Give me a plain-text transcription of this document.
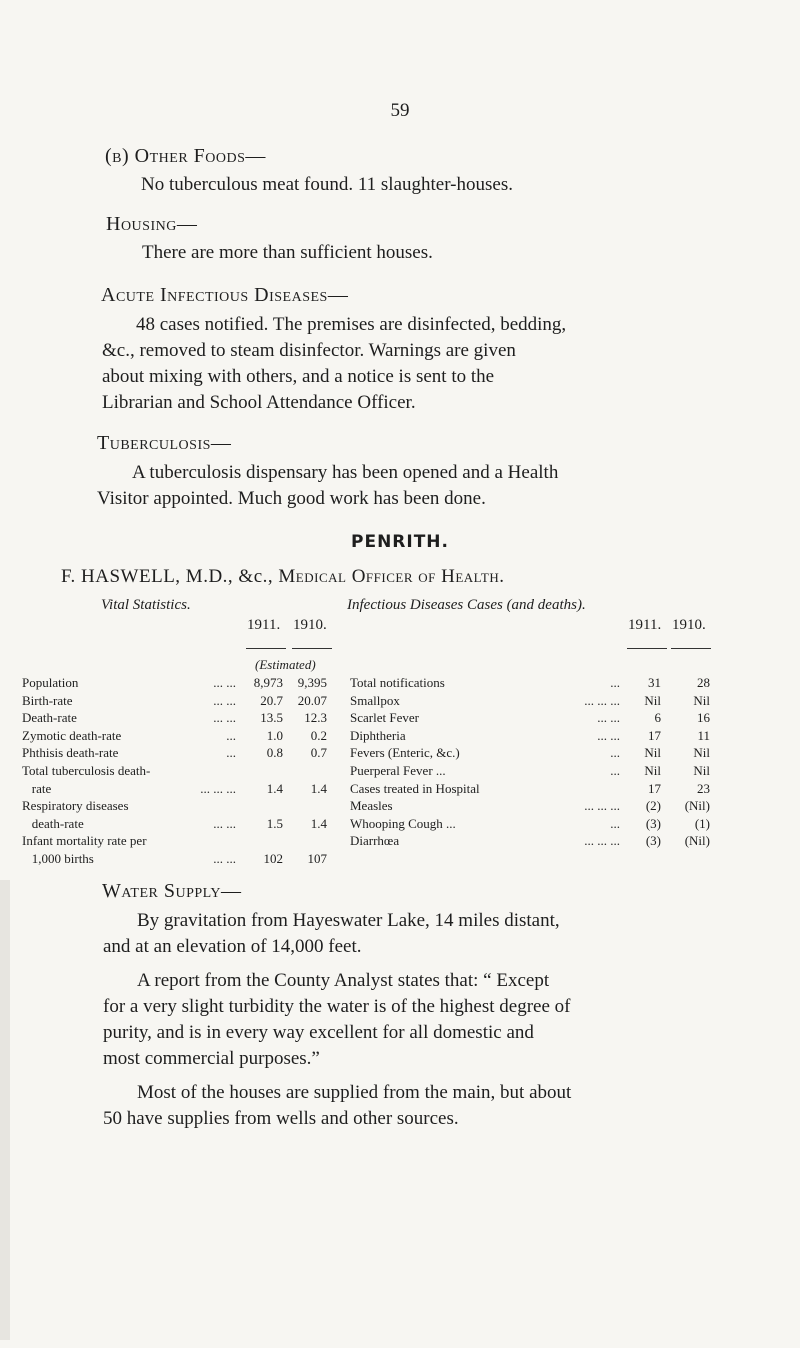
59
(b) Other Foods—
No tuberculous meat found. 11 slaughter-houses.
Housing—
There are more than sufficient houses.
Acute Infectious Diseases—
48 cases notified. The premises are disinfected, bedding,
&c., removed to steam disinfector. Warnings are given
about mixing with others, and a notice is sent to the
Librarian and School Attendance Officer.
Tuberculosis—
A tuberculosis dispensary has been opened and a Health
Visitor appointed. Much good work has been done.
PENRITH.
F. HASWELL, M.D., &c., Medical Officer of Health.
Vital Statistics.
1911. 1910.
(Estimated)
Infectious Diseases Cases (and deaths).
1911. 1910.
Population	... ...	8,973	9,395
Birth-rate	... ...	20.7	20.07
Death-rate	... ...	13.5	12.3
Zymotic death-rate	...	1.0	0.2
Phthisis death-rate	...	0.8	0.7
Total tuberculosis death-
rate	... ... ...	1.4	1.4
Respiratory diseases
death-rate	... ...	1.5	1.4
Infant mortality rate per
1,000 births	... ...	102	107
Total notifications	...	31	28
Smallpox	... ... ...	Nil	Nil
Scarlet Fever	... ...	6	16
Diphtheria	... ...	17	11
Fevers (Enteric, &c.)	...	Nil	Nil
Puerperal Fever ...	...	Nil	Nil
Cases treated in Hospital	17	23
Measles	... ... ...	(2)	(Nil)
Whooping Cough ...	...	(3)	(1)
Diarrhœa	... ... ...	(3)	(Nil)
Water Supply—
By gravitation from Hayeswater Lake, 14 miles distant,
and at an elevation of 14,000 feet.
A report from the County Analyst states that: “ Except
for a very slight turbidity the water is of the highest degree of
purity, and is in every way excellent for all domestic and
most commercial purposes.”
Most of the houses are supplied from the main, but about
50 have supplies from wells and other sources.
